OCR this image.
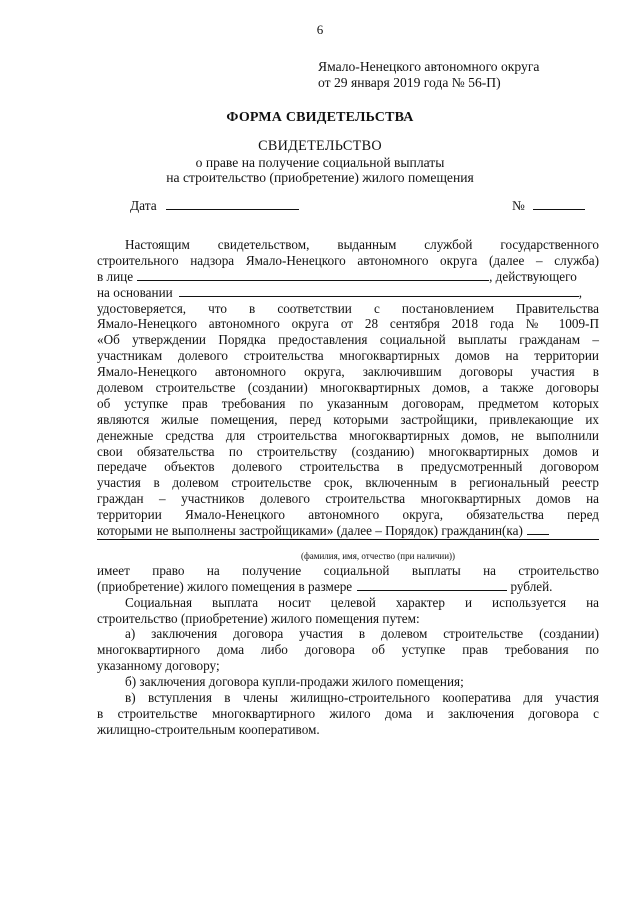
6
Ямало-Ненецкого автономного округа
от 29 января 2019 года № 56-П)
ФОРМА СВИДЕТЕЛЬСТВА
СВИДЕТЕЛЬСТВО
о праве на получение социальной выплаты
на строительство (приобретение) жилого помещения
Дата	№
Настоящим свидетельством, выданным службой государственного
строительного надзора Ямало-Ненецкого автономного округа (далее – служба)
в лице	, действующего
на основании	,
удостоверяется, что в соответствии с постановлением Правительства
Ямало-Ненецкого автономного округа от 28 сентября 2018 года № 1009-П
«Об утверждении Порядка предоставления социальной выплаты гражданам –
участникам долевого строительства многоквартирных домов на территории
Ямало-Ненецкого автономного округа, заключившим договоры участия в
долевом строительстве (создании) многоквартирных домов, а также договоры
об уступке прав требования по указанным договорам, предметом которых
являются жилые помещения, перед которыми застройщики, привлекающие их
денежные средства для строительства многоквартирных домов, не выполнили
свои обязательства по строительству (созданию) многоквартирных домов и
передаче объектов долевого строительства в предусмотренный договором
участия в долевом строительстве срок, включенным в региональный реестр
граждан – участников долевого строительства многоквартирных домов на
территории Ямало-Ненецкого автономного округа, обязательства перед
которыми не выполнены застройщиками» (далее – Порядок) гражданин(ка)
(фамилия, имя, отчество (при наличии))
имеет право на получение социальной выплаты на строительство
(приобретение) жилого помещения в размере	рублей.
Социальная выплата носит целевой характер и используется на
строительство (приобретение) жилого помещения путем:
а) заключения договора участия в долевом строительстве (создании)
многоквартирного дома либо договора об уступке прав требования по
указанному договору;
б) заключения договора купли-продажи жилого помещения;
в) вступления в члены жилищно-строительного кооператива для участия
в строительстве многоквартирного жилого дома и заключения договора с
жилищно-строительным кооперативом.
